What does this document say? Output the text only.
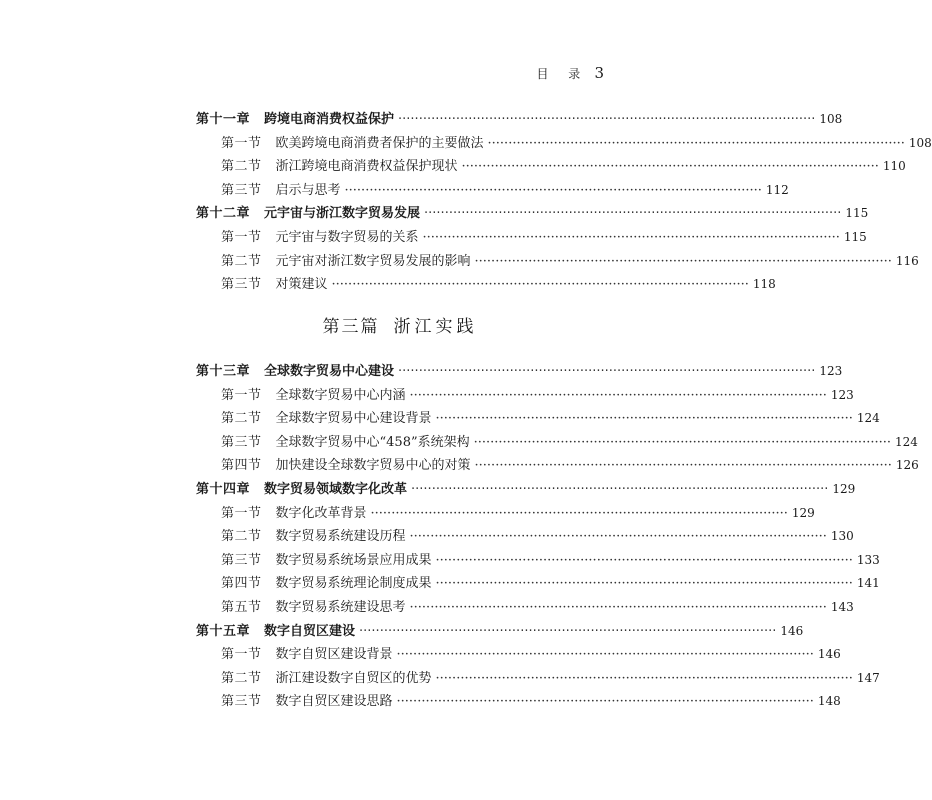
目 录 3
第十一章 跨境电商消费权益保护 ····································································································· 108
第一节 欧美跨境电商消费者保护的主要做法 ····································································································· 108
第二节 浙江跨境电商消费权益保护现状 ····································································································· 110
第三节 启示与思考 ····································································································· 112
第十二章 元宇宙与浙江数字贸易发展 ····································································································· 115
第一节 元宇宙与数字贸易的关系 ····································································································· 115
第二节 元宇宙对浙江数字贸易发展的影响 ····································································································· 116
第三节 对策建议 ····································································································· 118
第三篇 浙江实践
第十三章 全球数字贸易中心建设 ····································································································· 123
第一节 全球数字贸易中心内涵 ····································································································· 123
第二节 全球数字贸易中心建设背景 ····································································································· 124
第三节 全球数字贸易中心“458”系统架构 ····································································································· 124
第四节 加快建设全球数字贸易中心的对策 ····································································································· 126
第十四章 数字贸易领域数字化改革 ····································································································· 129
第一节 数字化改革背景 ····································································································· 129
第二节 数字贸易系统建设历程 ····································································································· 130
第三节 数字贸易系统场景应用成果 ····································································································· 133
第四节 数字贸易系统理论制度成果 ····································································································· 141
第五节 数字贸易系统建设思考 ····································································································· 143
第十五章 数字自贸区建设 ····································································································· 146
第一节 数字自贸区建设背景 ····································································································· 146
第二节 浙江建设数字自贸区的优势 ····································································································· 147
第三节 数字自贸区建设思路 ····································································································· 148
